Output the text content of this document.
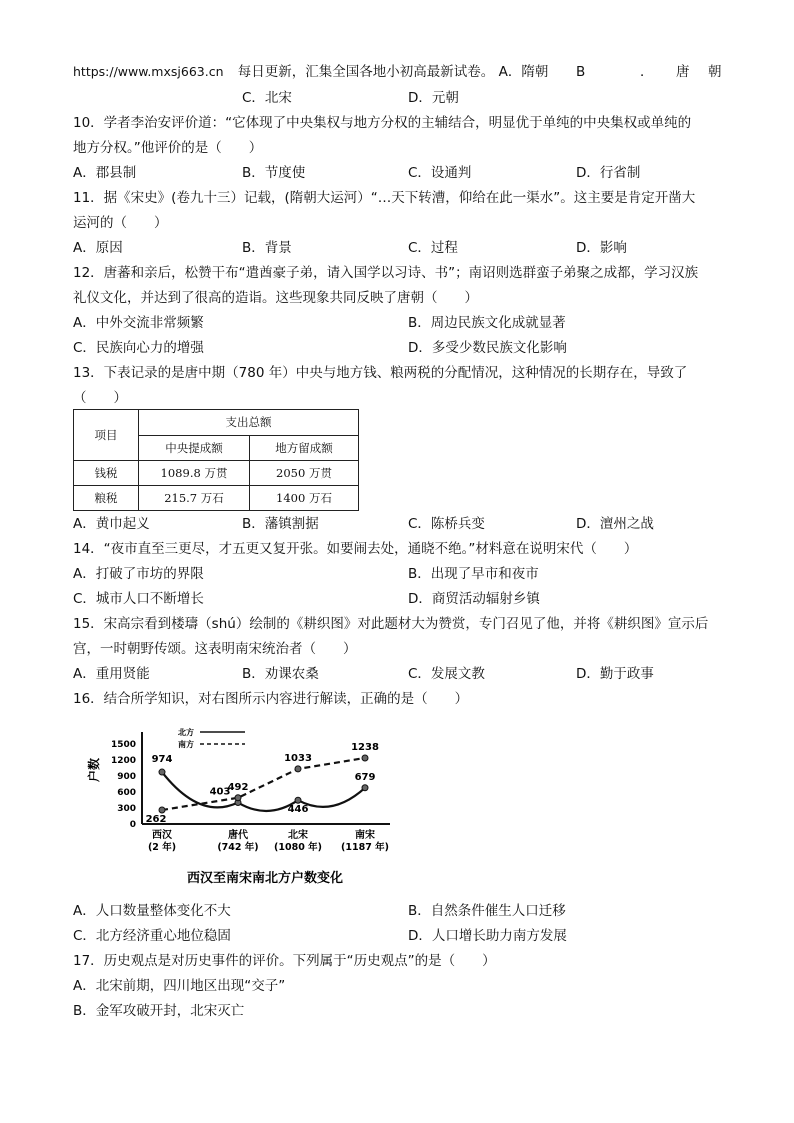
https://www.mxsj663.cn 每日更新，汇集全国各地小初高最新试卷。 A．隋朝 B	． 唐 朝
C．北宋	D．元朝
10．学者李治安评价道：“它体现了中央集权与地方分权的主辅结合，明显优于单纯的中央集权或单纯的
地方分权。”他评价的是（　　）
A．郡县制	B．节度使	C．设通判	D．行省制
11．据《宋史》(卷九十三）记载，(隋朝大运河）“…天下转漕，仰给在此一渠水”。这主要是肯定开凿大
运河的（　　）
A．原因	B．背景	C．过程	D．影响
12．唐蕃和亲后，松赞干布“遣酋豪子弟，请入国学以习诗、书”；南诏则选群蛮子弟聚之成都，学习汉族
礼仪文化，并达到了很高的造诣。这些现象共同反映了唐朝（　　）
A．中外交流非常频繁	B．周边民族文化成就显著
C．民族向心力的增强	D．多受少数民族文化影响
13．下表记录的是唐中期（780 年）中央与地方钱、粮两税的分配情况，这种情况的长期存在，导致了
（　　）
项目	支出总额	
	中央提成额	地方留成额
钱税	1089.8 万贯	2050 万贯
粮税	215.7 万石	1400 万石
A．黄巾起义	B．藩镇割据	C．陈桥兵变	D．澶州之战
14．“夜市直至三更尽，才五更又复开张。如要闹去处，通晓不绝。”材料意在说明宋代（　　）
A．打破了市坊的界限	B．出现了早市和夜市
C．城市人口不断增长	D．商贸活动辐射乡镇
15．宋高宗看到楼璹（shú）绘制的《耕织图》对此题材大为赞赏，专门召见了他，并将《耕织图》宣示后
宫，一时朝野传颂。这表明南宋统治者（　　）
A．重用贤能	B．劝课农桑	C．发展文教	D．勤于政事
16．结合所学知识，对右图所示内容进行解读，正确的是（　　）
1500
1200
900
600
300
0
户数
西汉
(2 年)
唐代
(742 年)
北宋
(1080 年)
南宋
(1187 年)
北方
南方
974
403
446
679
262
492
1033
1238
西汉至南宋南北方户数变化
A．人口数量整体变化不大	B．自然条件催生人口迁移
C．北方经济重心地位稳固	D．人口增长助力南方发展
17．历史观点是对历史事件的评价。下列属于“历史观点”的是（　　）
A．北宋前期，四川地区出现“交子”
B．金军攻破开封，北宋灭亡
